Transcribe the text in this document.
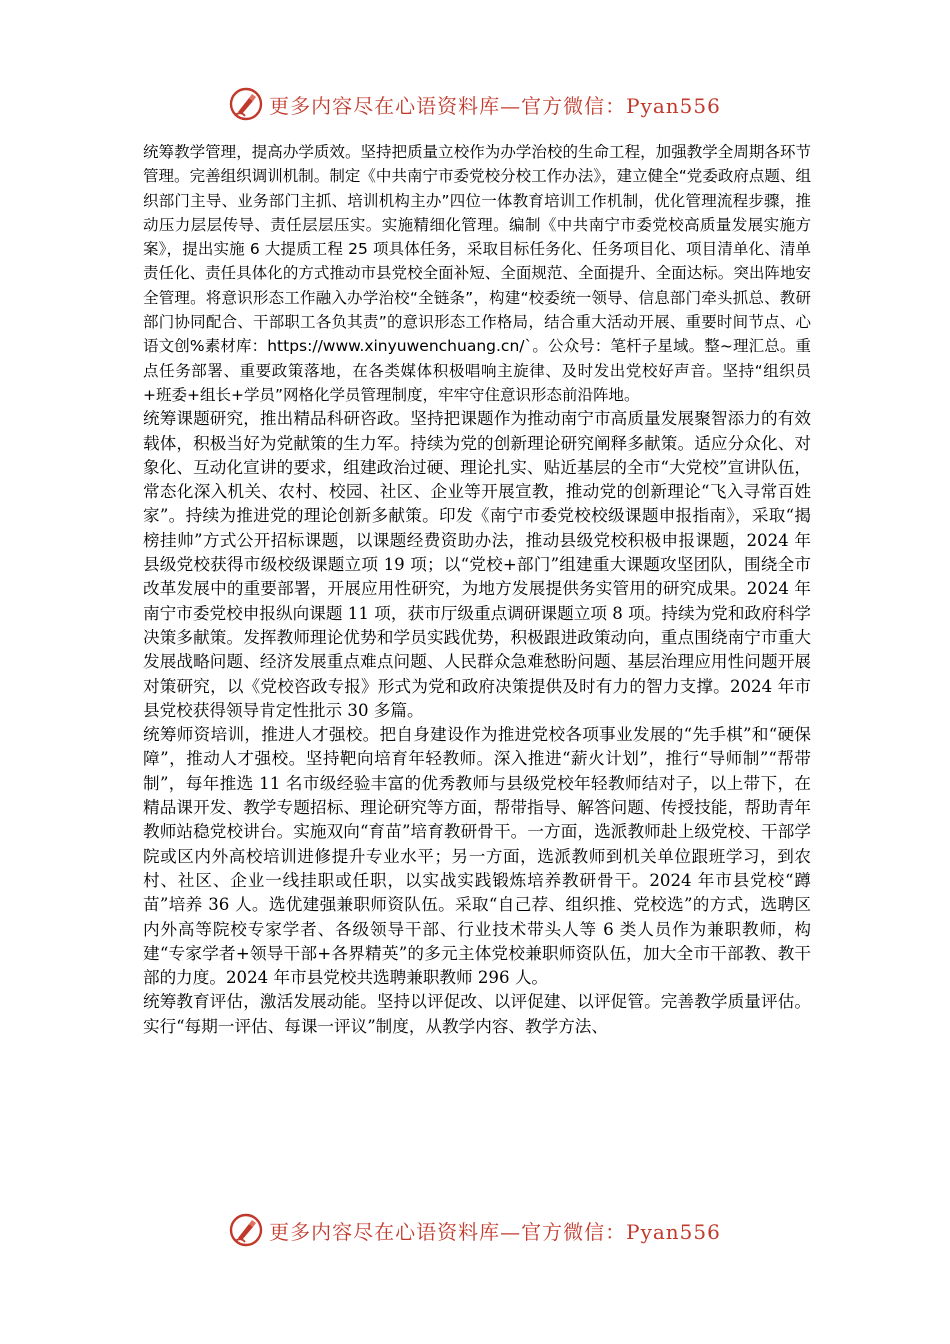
更多内容尽在心语资料库—官方微信：Pyan556

统筹教学管理，提高办学质效。坚持把质量立校作为办学治校的生命工程，加强教学全周期各环节管理。完善组织调训机制。制定《中共南宁市委党校分校工作办法》，建立健全“党委政府点题、组织部门主导、业务部门主抓、培训机构主办”四位一体教育培训工作机制，优化管理流程步骤，推动压力层层传导、责任层层压实。实施精细化管理。编制《中共南宁市委党校高质量发展实施方案》，提出实施 6 大提质工程 25 项具体任务，采取目标任务化、任务项目化、项目清单化、清单责任化、责任具体化的方式推动市县党校全面补短、全面规范、全面提升、全面达标。突出阵地安全管理。将意识形态工作融入办学治校“全链条”，构建“校委统一领导、信息部门牵头抓总、教研部门协同配合、干部职工各负其责”的意识形态工作格局，结合重大活动开展、重要时间节点、心语文创%素材库：https://www.xinyuwenchuang.cn/`。公众号：笔杆子星域。整~理汇总。重点任务部署、重要政策落地，在各类媒体积极唱响主旋律、及时发出党校好声音。坚持“组织员+班委+组长+学员”网格化学员管理制度，牢牢守住意识形态前沿阵地。

统筹课题研究，推出精品科研咨政。坚持把课题作为推动南宁市高质量发展聚智添力的有效载体，积极当好为党献策的生力军。持续为党的创新理论研究阐释多献策。适应分众化、对象化、互动化宣讲的要求，组建政治过硬、理论扎实、贴近基层的全市“大党校”宣讲队伍，常态化深入机关、农村、校园、社区、企业等开展宣教，推动党的创新理论“飞入寻常百姓家”。持续为推进党的理论创新多献策。印发《南宁市委党校校级课题申报指南》，采取“揭榜挂帅”方式公开招标课题，以课题经费资助办法，推动县级党校积极申报课题，2024 年县级党校获得市级校级课题立项 19 项；以“党校+部门”组建重大课题攻坚团队，围绕全市改革发展中的重要部署，开展应用性研究，为地方发展提供务实管用的研究成果。2024 年南宁市委党校申报纵向课题 11 项，获市厅级重点调研课题立项 8 项。持续为党和政府科学决策多献策。发挥教师理论优势和学员实践优势，积极跟进政策动向，重点围绕南宁市重大发展战略问题、经济发展重点难点问题、人民群众急难愁盼问题、基层治理应用性问题开展对策研究，以《党校咨政专报》形式为党和政府决策提供及时有力的智力支撑。2024 年市县党校获得领导肯定性批示 30 多篇。

统筹师资培训，推进人才强校。把自身建设作为推进党校各项事业发展的“先手棋”和“硬保障”，推动人才强校。坚持靶向培育年轻教师。深入推进“薪火计划”，推行“导师制”“帮带制”，每年推选 11 名市级经验丰富的优秀教师与县级党校年轻教师结对子，以上带下，在精品课开发、教学专题招标、理论研究等方面，帮带指导、解答问题、传授技能，帮助青年教师站稳党校讲台。实施双向“育苗”培育教研骨干。一方面，选派教师赴上级党校、干部学院或区内外高校培训进修提升专业水平；另一方面，选派教师到机关单位跟班学习，到农村、社区、企业一线挂职或任职，以实战实践锻炼培养教研骨干。2024 年市县党校“蹲苗”培养 36 人。选优建强兼职师资队伍。采取“自己荐、组织推、党校选”的方式，选聘区内外高等院校专家学者、各级领导干部、行业技术带头人等 6 类人员作为兼职教师，构建“专家学者+领导干部+各界精英”的多元主体党校兼职师资队伍，加大全市干部教、教干部的力度。2024 年市县党校共选聘兼职教师 296 人。

统筹教育评估，激活发展动能。坚持以评促改、以评促建、以评促管。完善教学质量评估。实行“每期一评估、每课一评议”制度，从教学内容、教学方法、

更多内容尽在心语资料库—官方微信：Pyan556
